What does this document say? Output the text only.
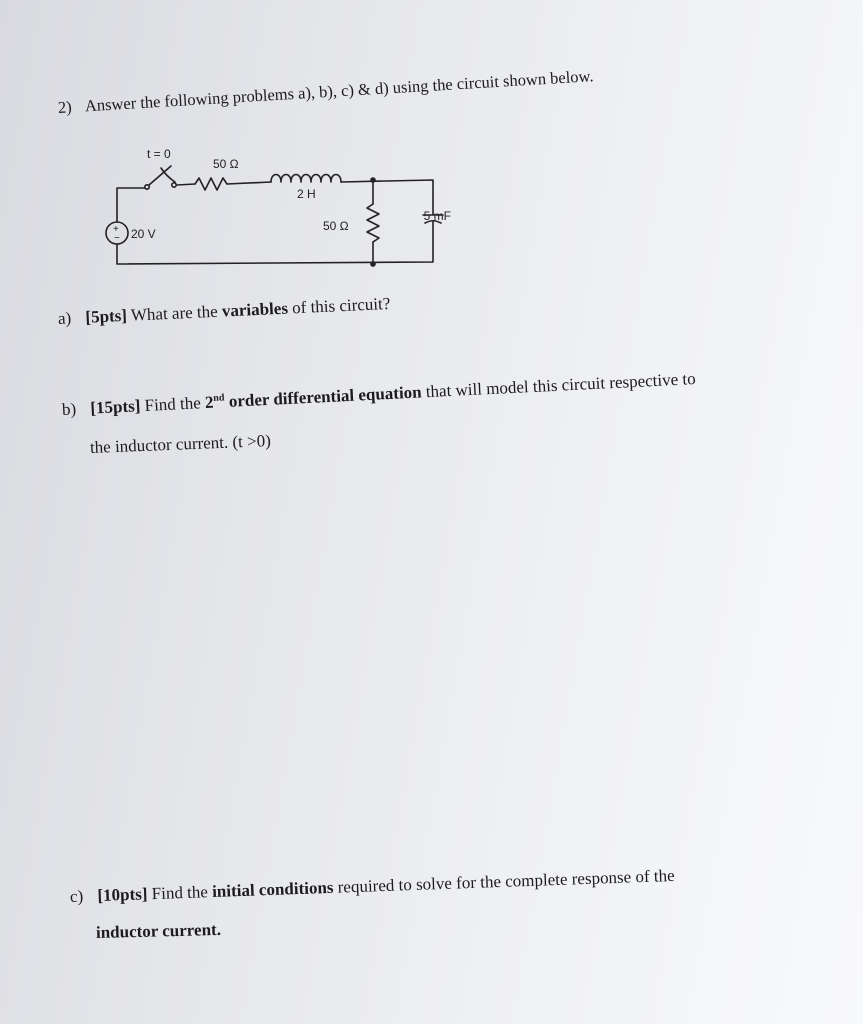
2) Answer the following problems a), b), c) & d) using the circuit shown below.
t = 0
50 Ω
2 H
50 Ω
5 mF
20 V
+
−
a) [5pts] What are the variables of this circuit?
b) [15pts] Find the 2nd order differential equation that will model this circuit respective to
the inductor current. (t >0)
c) [10pts] Find the initial conditions required to solve for the complete response of the
inductor current.
